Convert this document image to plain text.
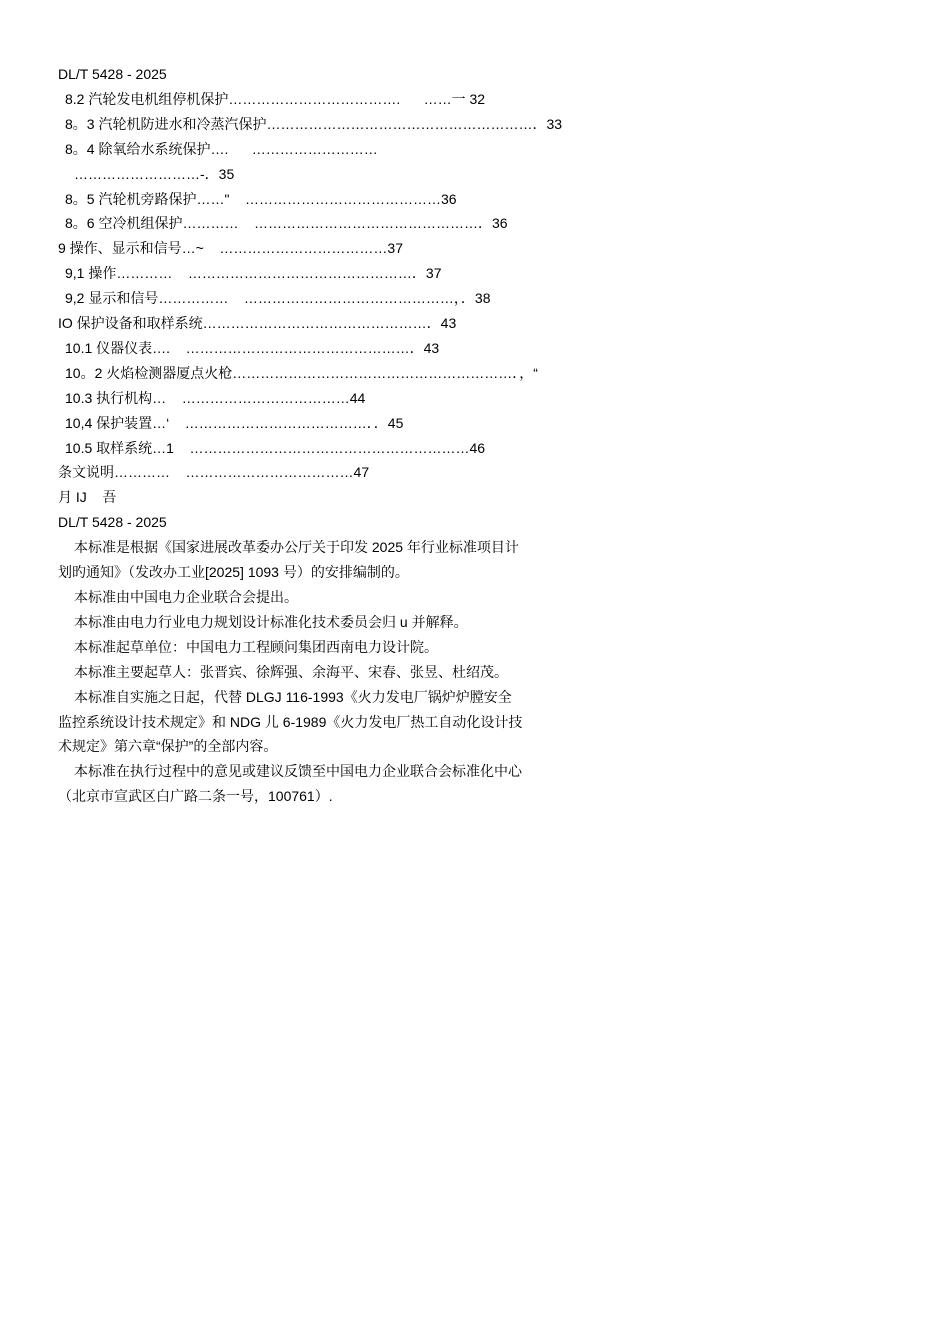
DL/T 5428 - 2025
8.2 汽轮发电机组停机保护……………………………….      ……一 32
8。3 汽轮机防进水和冷蒸汽保护…………………………………………………．33
8。4 除氧给水系统保护….      ………………………
………………………-．35
8。5 汽轮机旁路保护……"    ……………………………………36
8。6 空冷机组保护…………    …………………………………………．36
9 操作、显示和信号…~    ………………………………37
9,1 操作…………    …………………………………………．37
9,2 显示和信号……………    ………………………………………，．38
IO 保护设备和取样系统…………………………………………．43
10.1 仪器仪表….    …………………………………………．43
10。2 火焰检测器厦点火枪……………………………………………………．，“
10.3 执行机构…    ………………………………44
10,4 保护装置…‘    …………………………………．．45
10.5 取样系统…1    ……………………………………………………46
条文说明…………    ………………………………47
月 IJ    吾
DL/T 5428 - 2025
本标准是根据《国家进展改革委办公厅关于印发 2025 年行业标准项目计划旳通知》（发改办工业[2025] 1093 号）的安排编制的。
本标准由中国电力企业联合会提出。
本标准由电力行业电力规划设计标准化技术委员会归 u 并解释。
本标准起草单位：中国电力工程顾问集团西南电力设计院。
本标准主要起草人：张晋宾、徐辉强、余海平、宋春、张昱、杜绍茂。
本标准自实施之日起，代替 DLGJ 116-1993《火力发电厂锅炉炉膛安全监控系统设计技术规定》和 NDG 儿 6-1989《火力发电厂热工自动化设计技术规定》第六章“保护”的全部内容。
本标准在执行过程中的意见或建议反馈至中国电力企业联合会标准化中心（北京市宣武区白广路二条一号，100761）.
